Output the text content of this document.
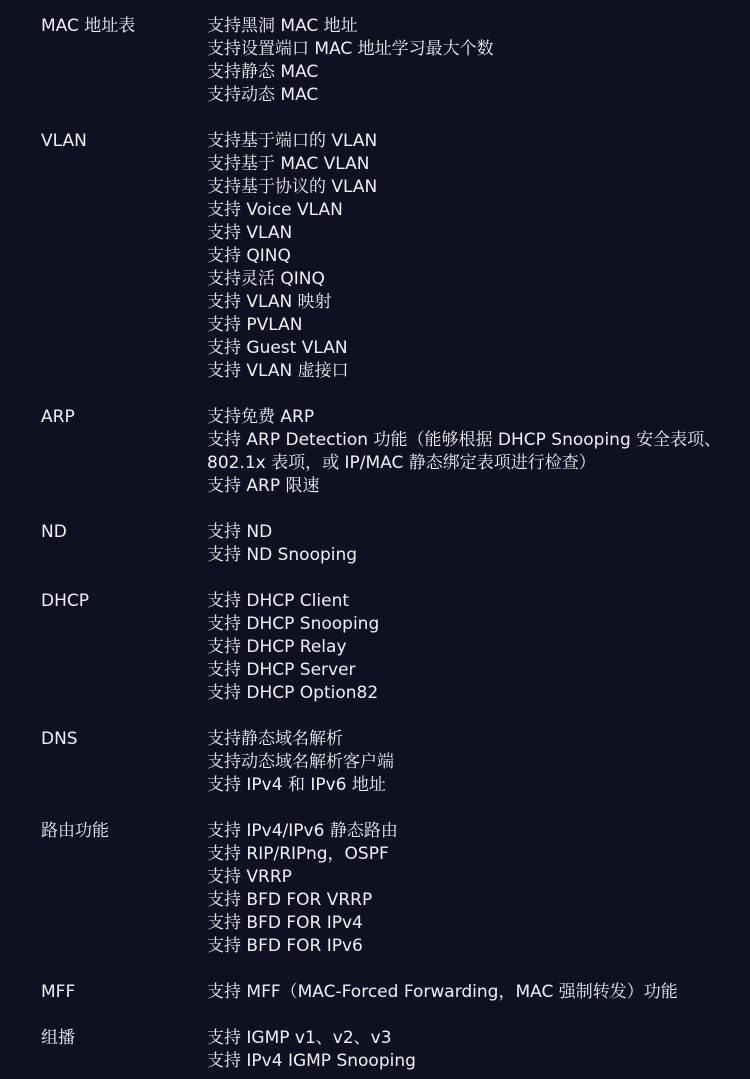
MAC 地址表	支持黑洞 MAC 地址
支持设置端口 MAC 地址学习最大个数
支持静态 MAC
支持动态 MAC
VLAN	支持基于端口的 VLAN
支持基于 MAC VLAN
支持基于协议的 VLAN
支持 Voice VLAN
支持 VLAN
支持 QINQ
支持灵活 QINQ
支持 VLAN 映射
支持 PVLAN
支持 Guest VLAN
支持 VLAN 虚接口
ARP	支持免费 ARP
支持 ARP Detection 功能（能够根据 DHCP Snooping 安全表项、
802.1x 表项，或 IP/MAC 静态绑定表项进行检查）
支持 ARP 限速
ND	支持 ND
支持 ND Snooping
DHCP	支持 DHCP Client
支持 DHCP Snooping
支持 DHCP Relay
支持 DHCP Server
支持 DHCP Option82
DNS	支持静态域名解析
支持动态域名解析客户端
支持 IPv4 和 IPv6 地址
路由功能	支持 IPv4/IPv6 静态路由
支持 RIP/RIPng，OSPF
支持 VRRP
支持 BFD FOR VRRP
支持 BFD FOR IPv4
支持 BFD FOR IPv6
MFF	支持 MFF（MAC-Forced Forwarding，MAC 强制转发）功能
组播	支持 IGMP v1、v2、v3
支持 IPv4 IGMP Snooping
